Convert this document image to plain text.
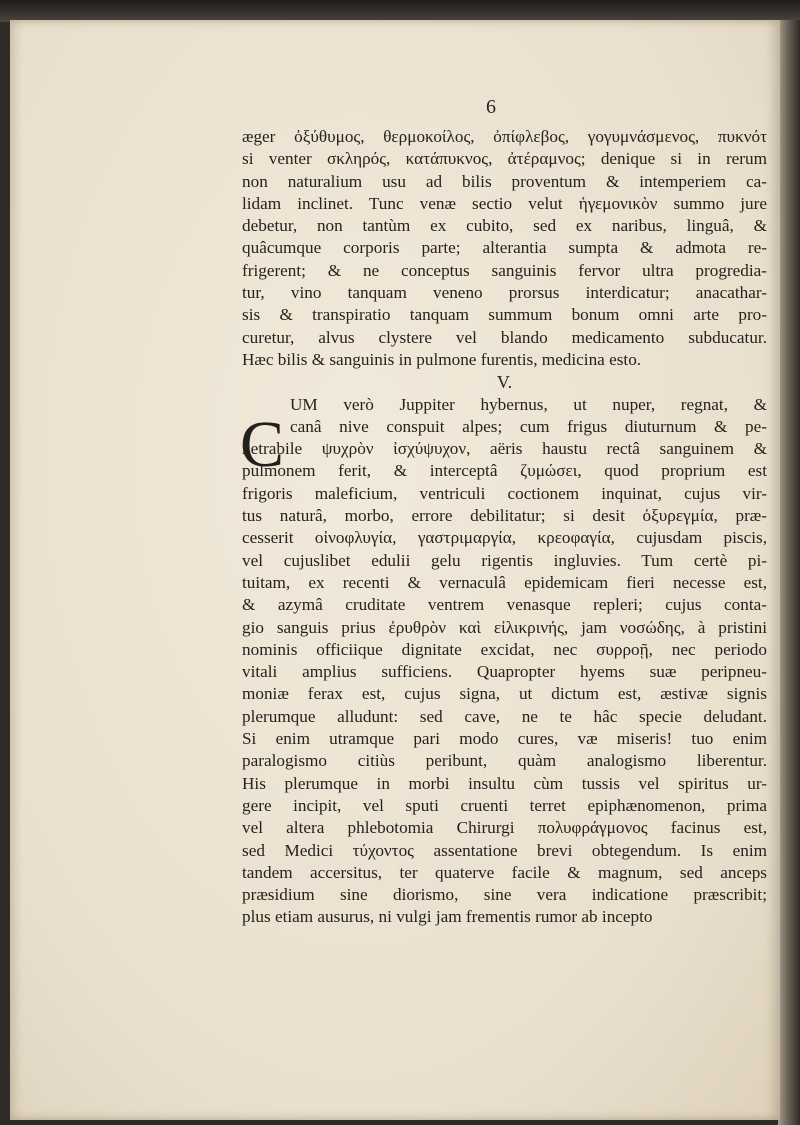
6
æger ὀξύθυμος, θερμοκοίλος, ὀπίφλεβος, γογυμνάσμενος, πυκνότ
si venter σκληρός, κατάπυκνος, ἀτέραμνος; denique si in rerum
non naturalium usu ad bilis proventum & intemperiem ca-
lidam inclinet. Tunc venæ sectio velut ἡγεμονικὸν summo jure
debetur, non tantùm ex cubito, sed ex naribus, linguâ, &
quâcumque corporis parte; alterantia sumpta & admota re-
frigerent; & ne conceptus sanguinis fervor ultra progredia-
tur, vino tanquam veneno prorsus interdicatur; anacathar-
sis & transpiratio tanquam summum bonum omni arte pro-
curetur, alvus clystere vel blando medicamento subducatur.
Hæc bilis & sanguinis in pulmone furentis, medicina esto.
V.
C
UM verò Juppiter hybernus, ut nuper, regnat, &
canâ nive conspuit alpes; cum frigus diuturnum & pe-
netrabile ψυχρὸν ἰσχύψυχον, aëris haustu rectâ sanguinem &
pulmonem ferit, & interceptâ ζυμώσει, quod proprium est
frigoris maleficium, ventriculi coctionem inquinat, cujus vir-
tus naturâ, morbo, errore debilitatur; si desit ὀξυρεγμία, præ-
cesserit οἰνοφλυγία, γαστριμαργία, κρεοφαγία, cujusdam piscis,
vel cujuslibet edulii gelu rigentis ingluvies. Tum certè pi-
tuitam, ex recenti & vernaculâ epidemicam fieri necesse est,
& azymâ cruditate ventrem venasque repleri; cujus conta-
gio sanguis prius ἐρυθρὸν καὶ εἰλικρινής, jam νοσώδης, à pristini
nominis officiique dignitate excidat, nec συρροῇ, nec periodo
vitali amplius sufficiens. Quapropter hyems suæ peripneu-
moniæ ferax est, cujus signa, ut dictum est, æstivæ signis
plerumque alludunt: sed cave, ne te hâc specie deludant.
Si enim utramque pari modo cures, væ miseris! tuo enim
paralogismo citiùs peribunt, quàm analogismo liberentur.
His plerumque in morbi insultu cùm tussis vel spiritus ur-
gere incipit, vel sputi cruenti terret epiphænomenon, prima
vel altera phlebotomia Chirurgi πολυφράγμονος facinus est,
sed Medici τύχοντος assentatione brevi obtegendum. Is enim
tandem accersitus, ter quaterve facile & magnum, sed anceps
præsidium sine diorismo, sine vera indicatione præscribit;
plus etiam ausurus, ni vulgi jam frementis rumor ab incepto
